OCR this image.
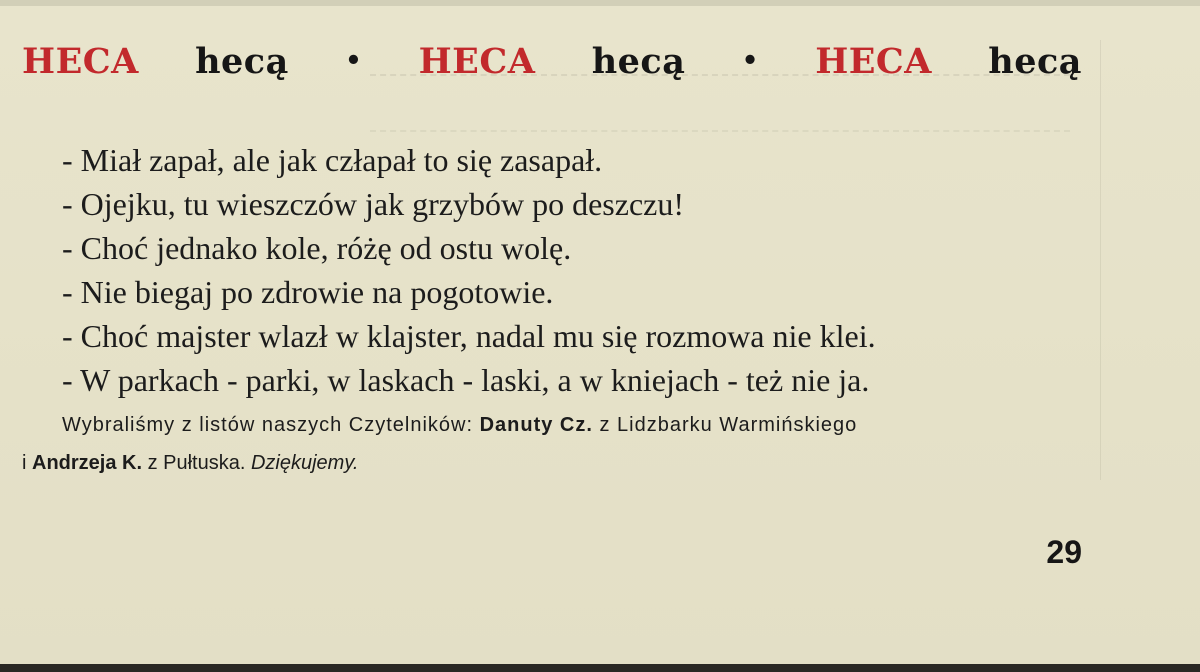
HECA hecą • HECA hecą • HECA hecą
- Miał zapał, ale jak człapał to się zasapał.
- Ojejku, tu wieszczów jak grzybów po deszczu!
- Choć jednako kole, różę od ostu wolę.
- Nie biegaj po zdrowie na pogotowie.
- Choć majster wlazł w klajster, nadal mu się rozmowa nie klei.
- W parkach - parki, w laskach - laski, a w kniejach - też nie ja.
Wybraliśmy z listów naszych Czytelników: Danuty Cz. z Lidzbarku Warmińskiego
i Andrzeja K. z Pułtuska. Dziękujemy.
29
